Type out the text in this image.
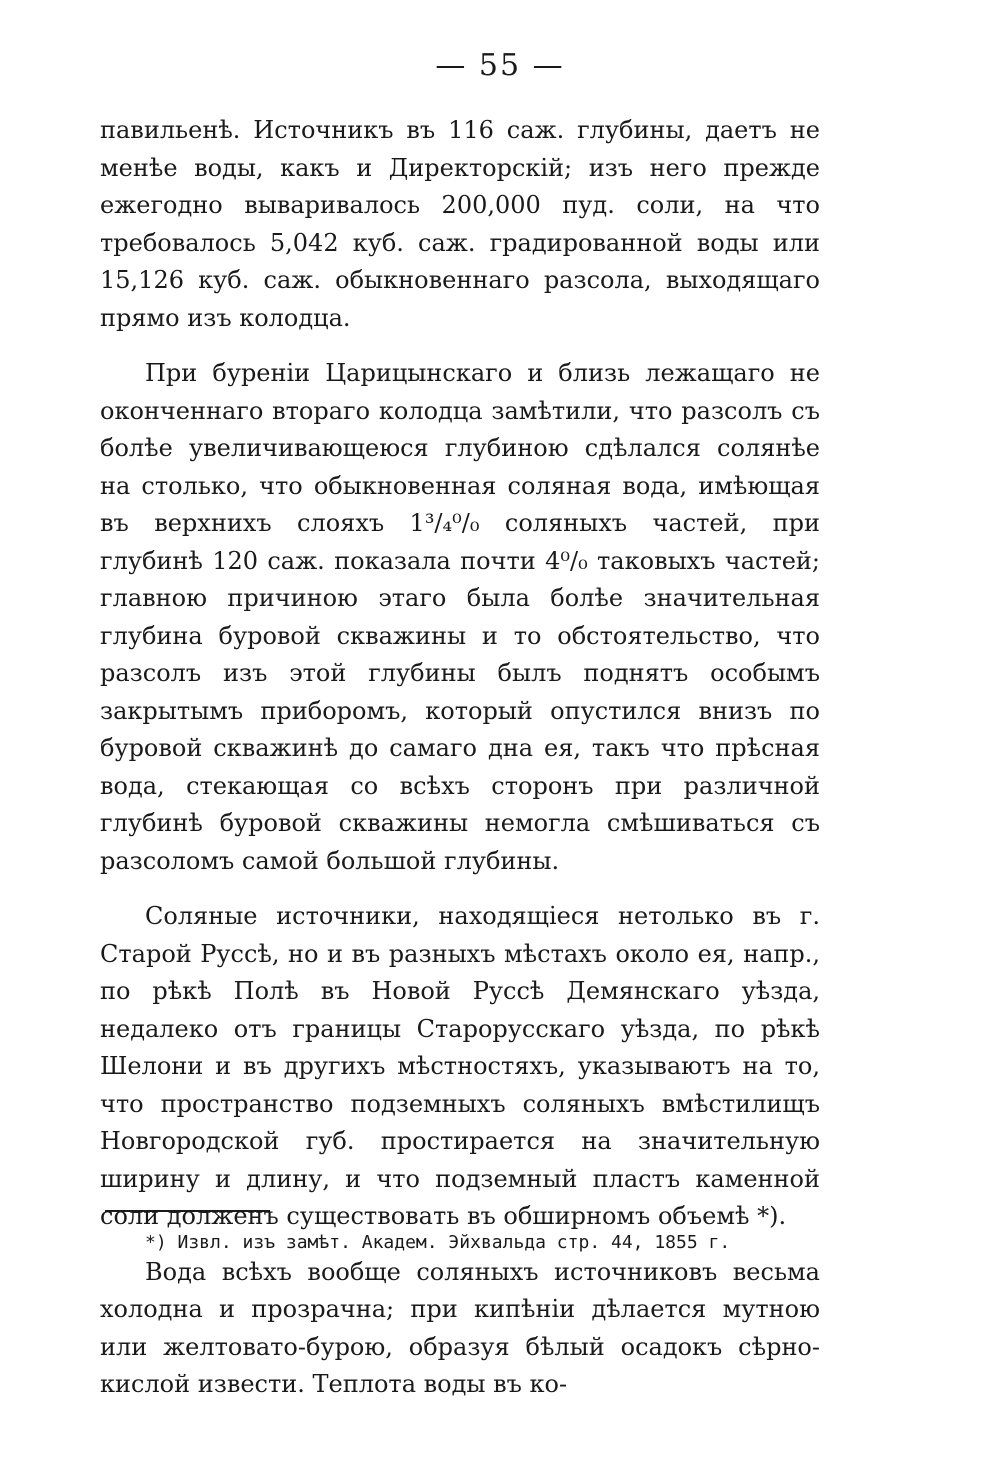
— 55 —

павильенѣ. Источникъ въ 116 саж. глубины, даетъ не менѣе воды, какъ и Директорскiй; изъ него прежде ежегодно вываривалось 200,000 пуд. соли, на что требовалось 5,042 куб. саж. градированной воды или 15,126 куб. саж. обыкновеннаго разсола, выходящаго прямо изъ колодца.

При буренiи Царицынскаго и близь лежащаго не оконченнаго втораго колодца замѣтили, что разсолъ съ болѣе увеличивающеюся глубиною сдѣлался солянѣе на столько, что обыкновенная соляная вода, имѣющая въ верхнихъ слояхъ 1³/₄⁰/₀ соляныхъ частей, при глубинѣ 120 саж. показала почти 4⁰/₀ таковыхъ частей; главною причиною этаго была болѣе значительная глубина буровой скважины и то обстоятельство, что разсолъ изъ этой глубины былъ поднятъ особымъ закрытымъ приборомъ, который опустился внизъ по буровой скважинѣ до самаго дна ея, такъ что прѣсная вода, стекающая со всѣхъ сторонъ при различной глубинѣ буровой скважины немогла смѣшиваться съ разсоломъ самой большой глубины.

Соляные источники, находящiеся нетолько въ г. Старой Руссѣ, но и въ разныхъ мѣстахъ около ея, напр., по рѣкѣ Полѣ въ Новой Руссѣ Демянскаго уѣзда, недалеко отъ границы Старорусскаго уѣзда, по рѣкѣ Шелони и въ другихъ мѣстностяхъ, указываютъ на то, что пространство подземныхъ соляныхъ вмѣстилищъ Новгородской губ. простирается на значительную ширину и длину, и что подземный пластъ каменной соли долженъ существовать въ обширномъ объемѣ *).

Вода всѣхъ вообще соляныхъ источниковъ весьма холодна и прозрачна; при кипѣнiи дѣлается мутною или желтовато-бурою, образуя бѣлый осадокъ сѣрно-кислой извести. Теплота воды въ ко-

*) Извл. изъ замѣт. Академ. Эйхвальда стр. 44, 1855 г.
